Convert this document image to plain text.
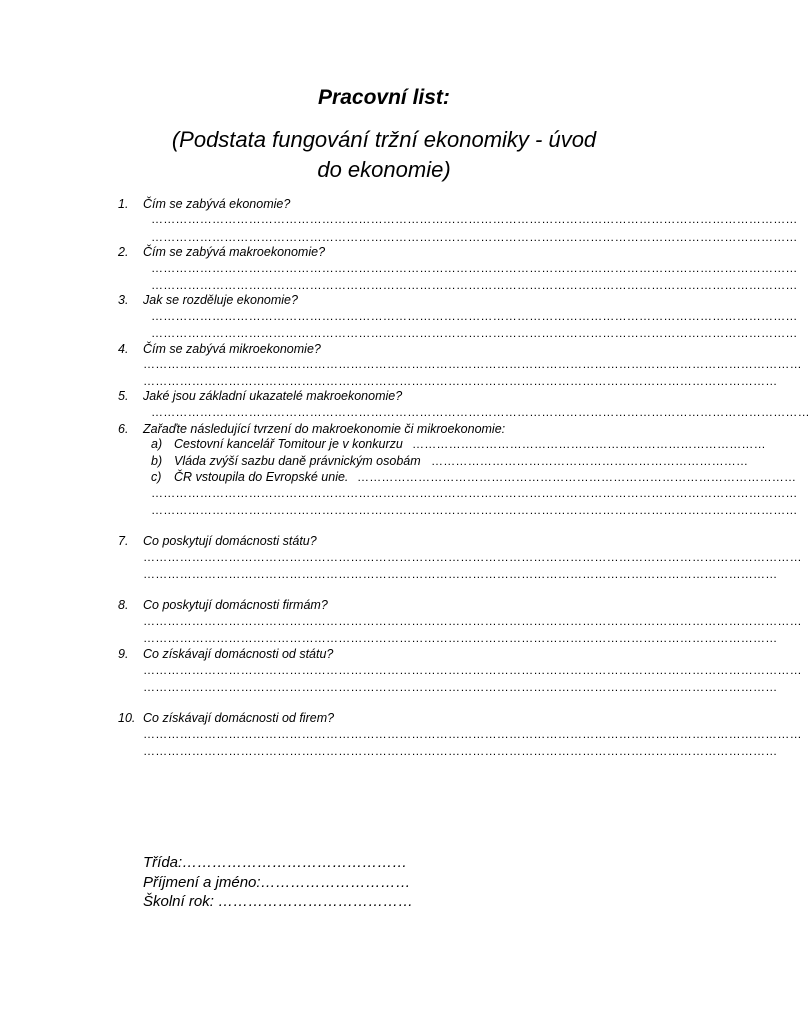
Pracovní list:
(Podstata fungování tržní ekonomiky - úvod
do ekonomie)
1. Čím se zabývá ekonomie?
……………………………………………………………………………………………………………………………………………
……………………………………………………………………………………………………………………………………………
2. Čím se zabývá makroekonomie?
……………………………………………………………………………………………………………………………………………
……………………………………………………………………………………………………………………………………………
3. Jak se rozděluje ekonomie?
……………………………………………………………………………………………………………………………………………
……………………………………………………………………………………………………………………………………………
4. Čím se zabývá mikroekonomie?
………………………………………………………………………………………………………………………………………………
…………………………………………………………………………………………………………………………………………
5. Jaké jsou základní ukazatelé makroekonomie?
………………………………………………………………………………………………………………………………………………
6. Zařaďte následující tvrzení do makroekonomie či mikroekonomie:
a) Cestovní kancelář Tomitour je v konkurzu ……………………………………………………………………………
b) Vláda zvýší sazbu daně právnickým osobám ……………………………………………………………………
c) ČR vstoupila do Evropské unie. ………………………………………………………………………………………………
……………………………………………………………………………………………………………………………………………
……………………………………………………………………………………………………………………………………………
7. Co poskytují domácnosti státu?
………………………………………………………………………………………………………………………………………………
…………………………………………………………………………………………………………………………………………
8. Co poskytují domácnosti firmám?
………………………………………………………………………………………………………………………………………………
…………………………………………………………………………………………………………………………………………
9. Co získávají domácnosti od státu?
………………………………………………………………………………………………………………………………………………
…………………………………………………………………………………………………………………………………………
10. Co získávají domácnosti od firem?
………………………………………………………………………………………………………………………………………………
…………………………………………………………………………………………………………………………………………
Třída:………………………………………
Příjmení a jméno:…………………………
Školní rok: …………………………………
